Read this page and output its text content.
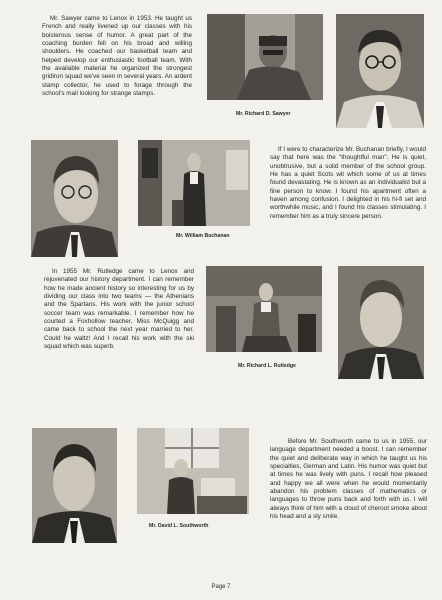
Mr. Sawyer came to Lenox in 1953. He taught us French and really livened up our classes with his boisterous sense of humor. A great part of the coaching burden fell on his broad and willing shoulders. He coached our basketball team and helped develop our enthusiastic football team. With the available material he organized the strongest gridiron squad we've seen in several years. An ardent stamp collector, he used to forage through the school's mail looking for strange stamps.
Mr. Richard D. Sawyer
Mr. William Buchanan
If I were to characterize Mr. Buchanan briefly, I would say that here was the "thoughtful man". He is quiet, unobtrusive, but a solid member of the school group. He has a quiet Scots wit which some of us at times found devastating. He is known as an individualist but a fine person to know. I found his apartment often a haven among confusion. I delighted in his hi-fi set and worthwhile music, and I found his classes stimulating. I remember him as a truly sincere person.
In 1955 Mr. Rutledge came to Lenox and rejuvenated our history department. I can remember how he made ancient history so interesting for us by dividing our class into two teams — the Athenians and the Spartans. His work with the junior school soccer team was remarkable. I remember how he courted a Foxhollow teacher, Miss McQuigg and came back to school the next year married to her. Could he waltz! And I recall his work with the ski squad which was superb.
Mr. Richard L. Rutledge
Mr. David L. Southworth
Before Mr. Southworth came to us in 1955, our language department needed a boost. I can remember the quiet and deliberate way in which he taught us his specialties, German and Latin. His humor was quiet but at times he was lively with puns. I recall how pleased and happy we all were when he would momentarily abandon his problem classes of mathematics or languages to throw puns back and forth with us. I will always think of him with a cloud of cheroot smoke about his head and a sly smile.
Page 7
